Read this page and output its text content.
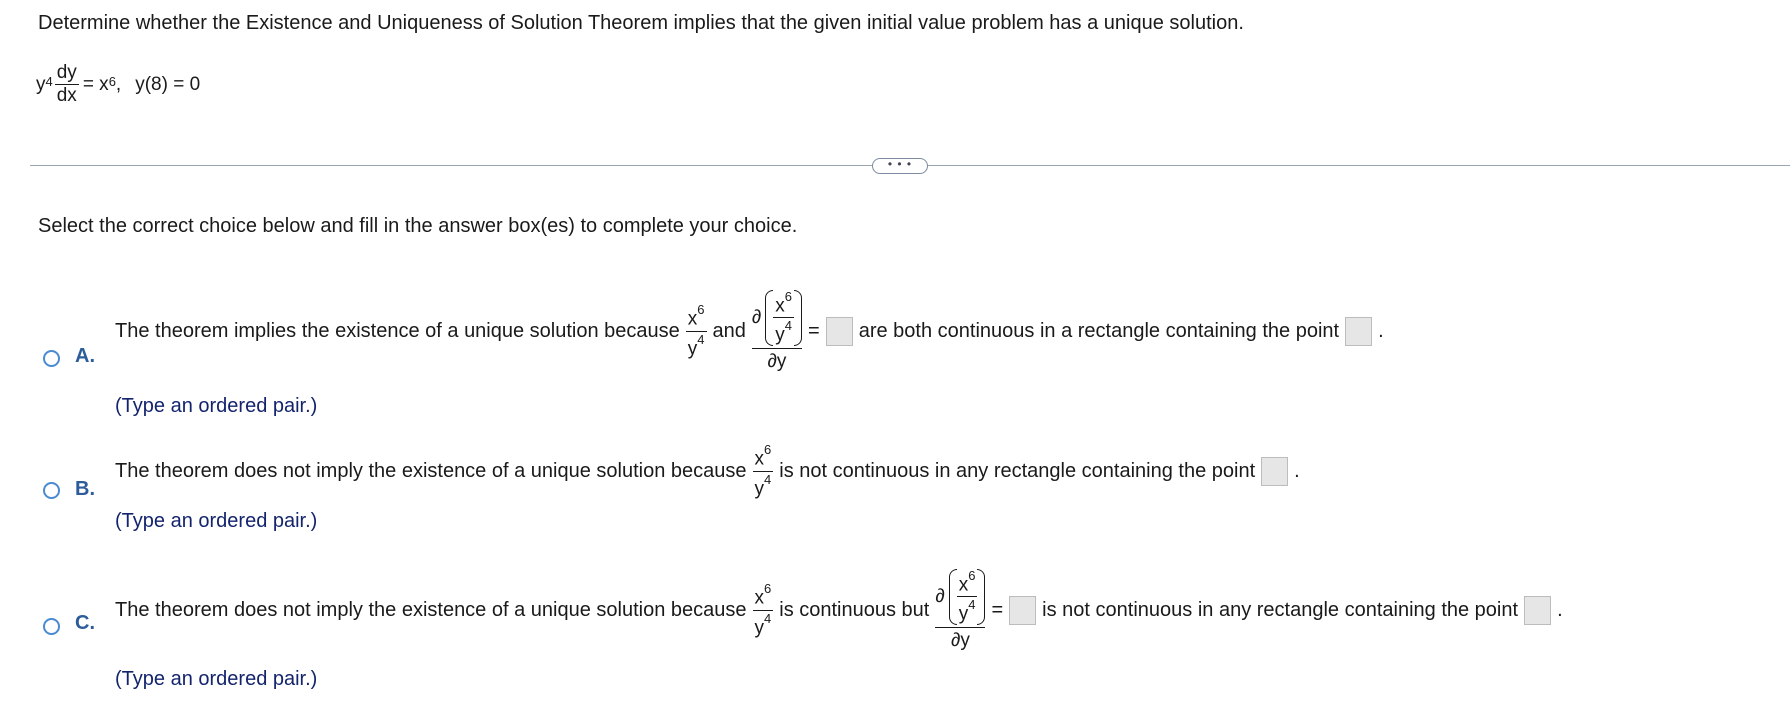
Determine whether the Existence and Uniqueness of Solution Theorem implies that the given initial value problem has a unique solution.
$y^4 \frac{dy}{dx} = x^6$ , y(8) = 0
• • •
Select the correct choice below and fill in the answer box(es) to complete your choice.
A.
The theorem implies the existence of a unique solution because $\frac{x^6}{y^4}$ and
∂ $\frac{x^6}{y^4}$
∂y
= are both continuous in a rectangle containing the point .
(Type an ordered pair.)
B.
The theorem does not imply the existence of a unique solution because $\frac{x^6}{y^4}$ is not continuous in any rectangle containing the point .
(Type an ordered pair.)
C.
The theorem does not imply the existence of a unique solution because $\frac{x^6}{y^4}$ is continuous but
∂ $\frac{x^6}{y^4}$
∂y
= is not continuous in any rectangle containing the point .
(Type an ordered pair.)
